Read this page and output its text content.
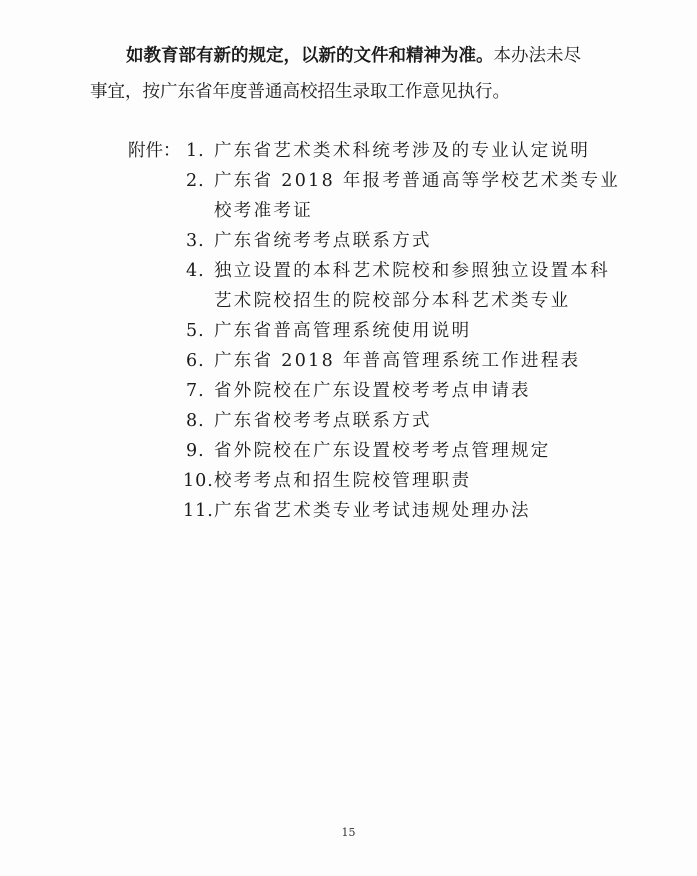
如教育部有新的规定，以新的文件和精神为准。本办法未尽
事宜，按广东省年度普通高校招生录取工作意见执行。
附件： 1. 广东省艺术类术科统考涉及的专业认定说明
2. 广东省 2018 年报考普通高等学校艺术类专业
校考准考证
3. 广东省统考考点联系方式
4. 独立设置的本科艺术院校和参照独立设置本科
艺术院校招生的院校部分本科艺术类专业
5. 广东省普高管理系统使用说明
6. 广东省 2018 年普高管理系统工作进程表
7. 省外院校在广东设置校考考点申请表
8. 广东省校考考点联系方式
9. 省外院校在广东设置校考考点管理规定
10. 校考考点和招生院校管理职责
11. 广东省艺术类专业考试违规处理办法
15
